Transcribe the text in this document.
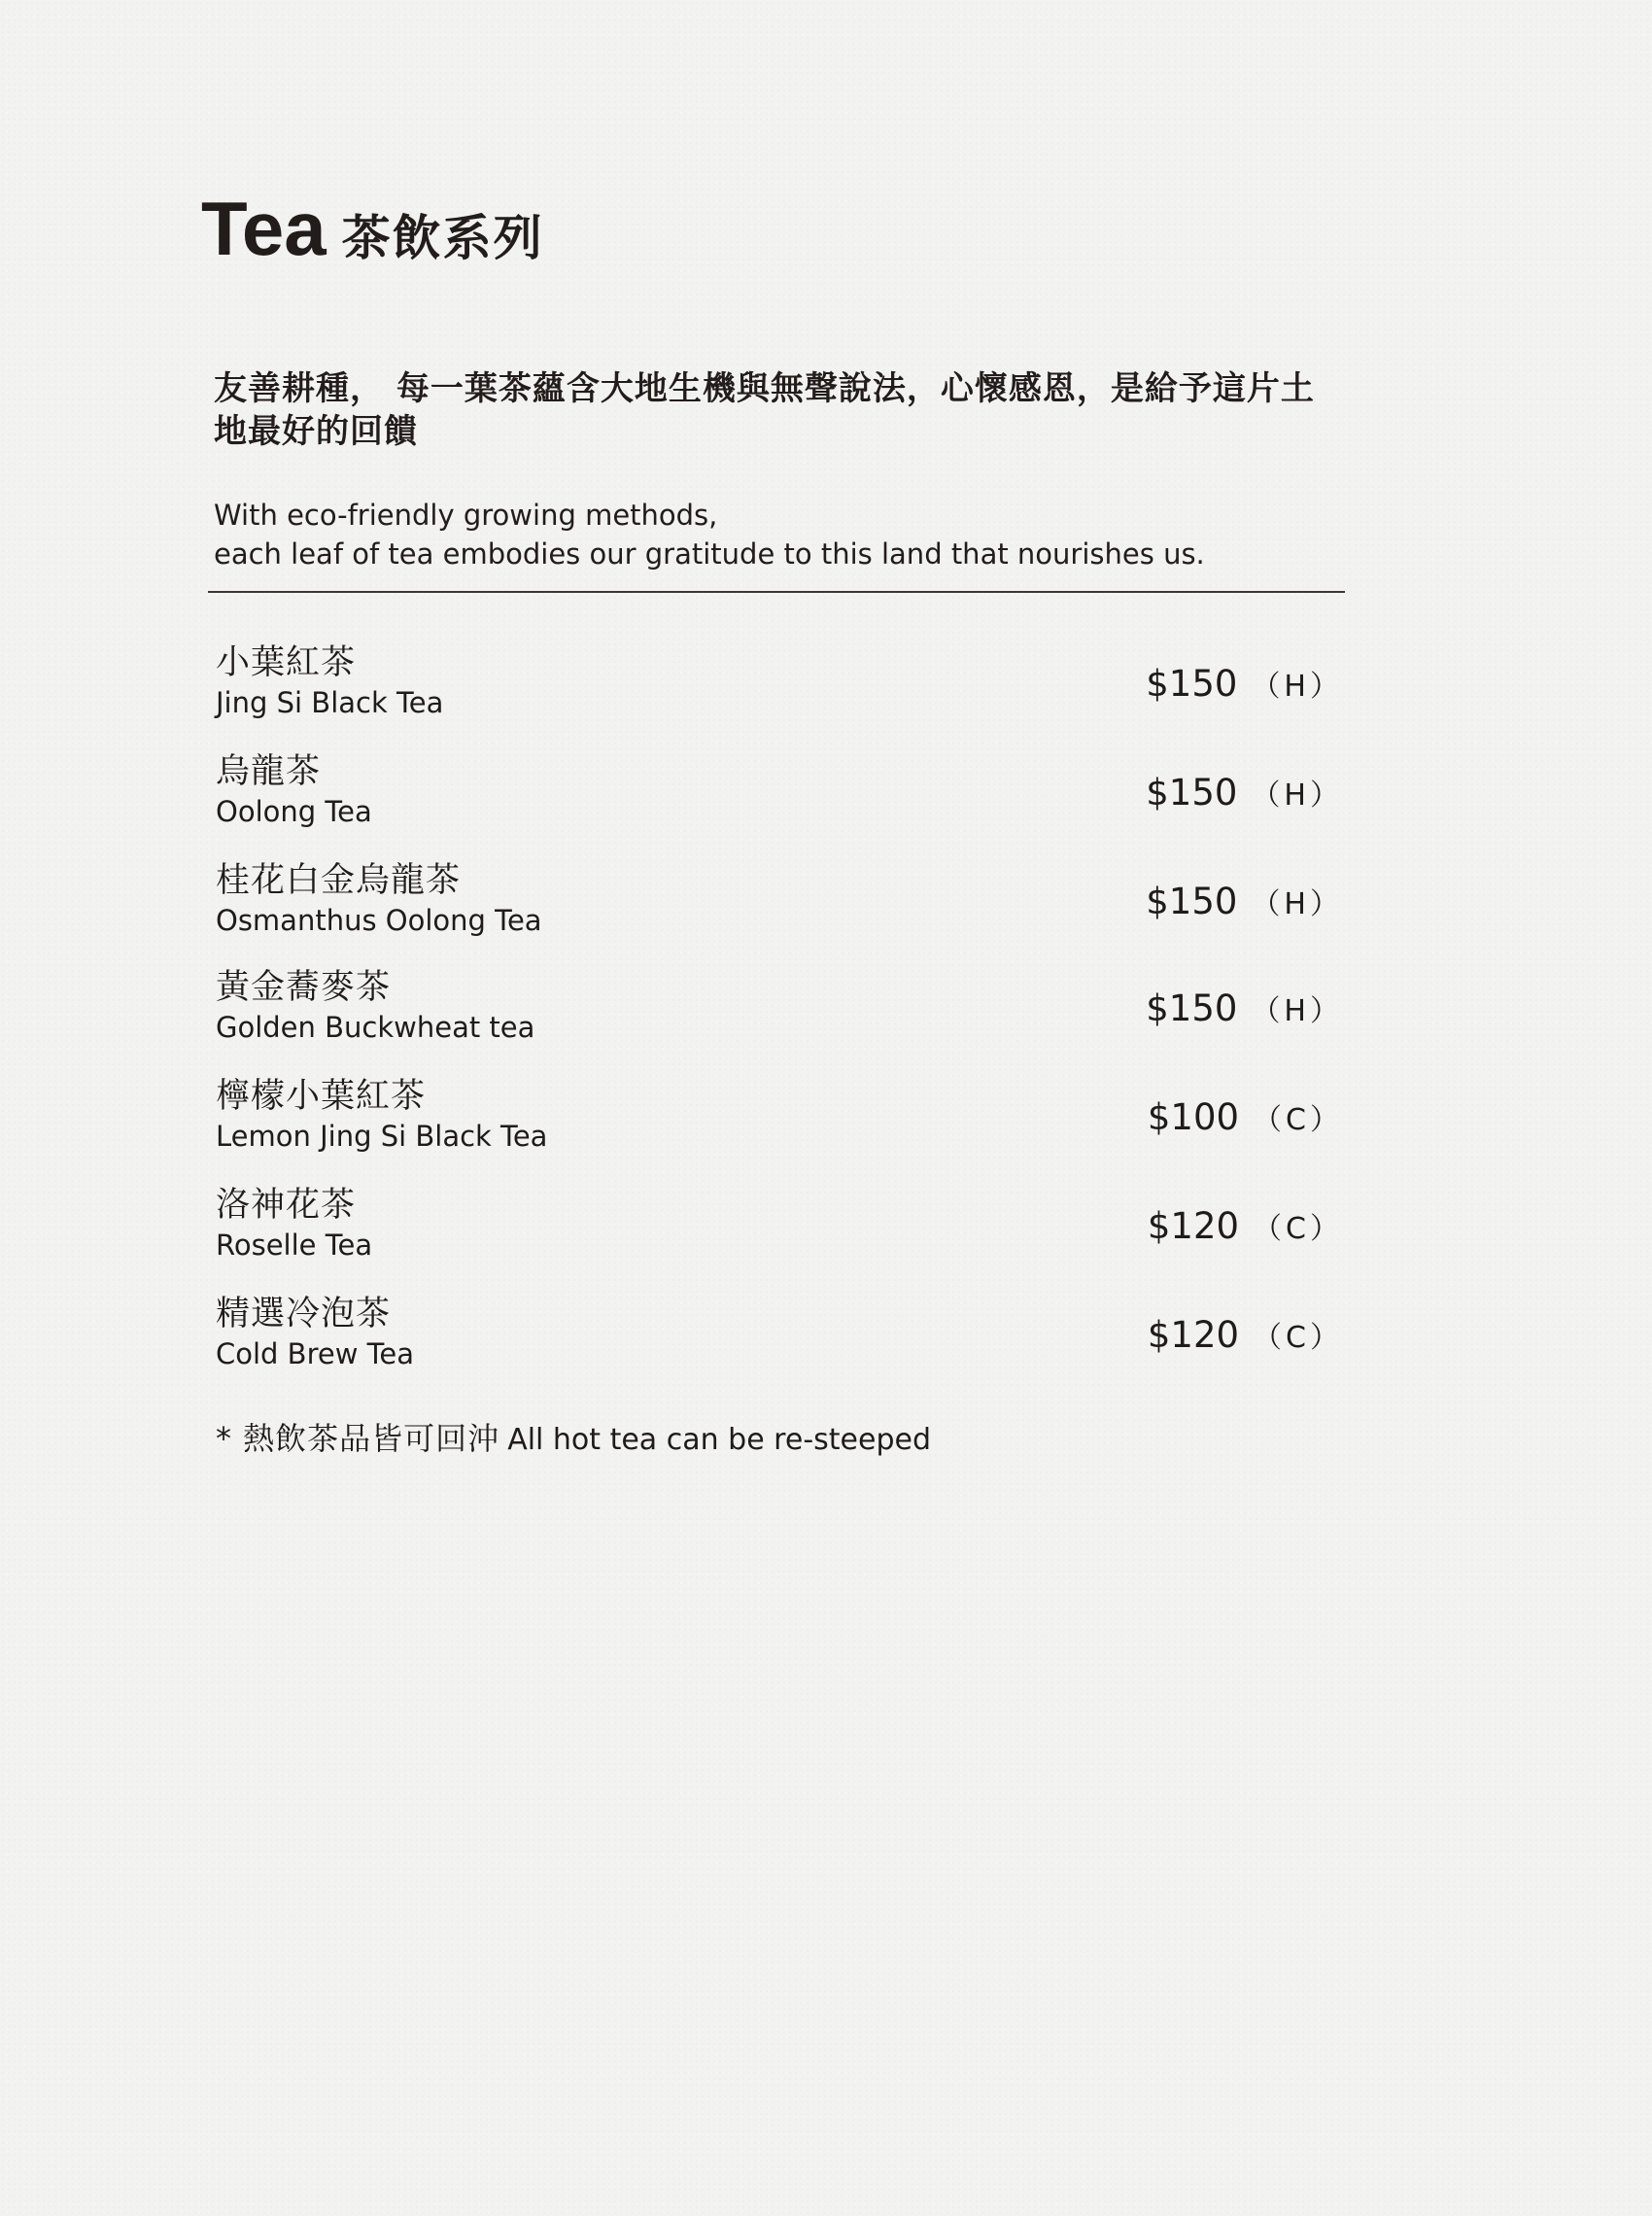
Tea 茶飲系列
友善耕種， 每一葉茶蘊含大地生機與無聲說法，心懷感恩，是給予這片土地最好的回饋
With eco-friendly growing methods,
each leaf of tea embodies our gratitude to this land that nourishes us.
小葉紅茶
Jing Si Black Tea	$150 （H）
烏龍茶
Oolong Tea	$150 （H）
桂花白金烏龍茶
Osmanthus Oolong Tea	$150 （H）
黃金蕎麥茶
Golden Buckwheat tea	$150 （H）
檸檬小葉紅茶
Lemon Jing Si Black Tea	$100 （C）
洛神花茶
Roselle Tea	$120 （C）
精選冷泡茶
Cold Brew Tea	$120 （C）
* 熱飲茶品皆可回沖 All hot tea can be re-steeped
